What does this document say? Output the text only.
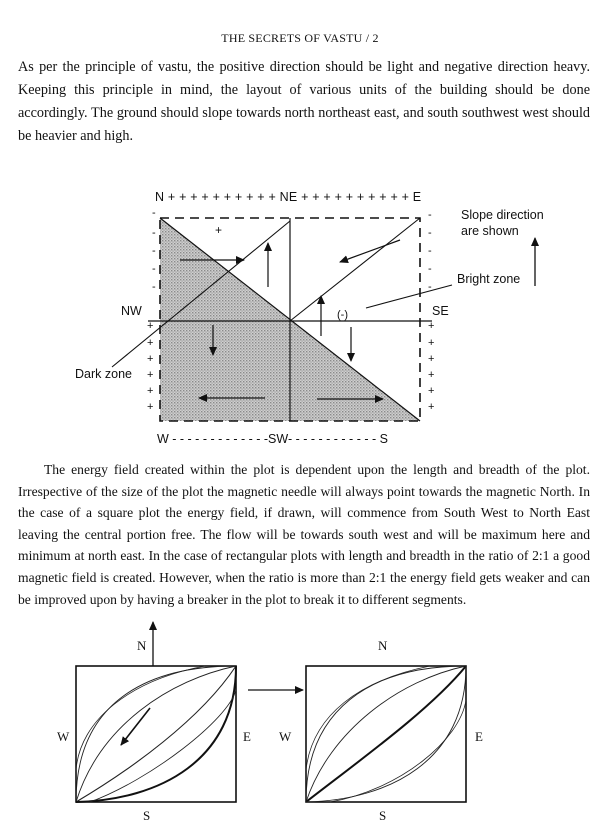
THE SECRETS OF VASTU / 2

As per the principle of vastu, the positive direction should be light and negative direction heavy. Keeping this principle in mind, the layout of various units of the building should be done accordingly. The ground should slope towards north northeast east, and south southwest west should be heavier and high.

N + + + + + + + + + + NE + + + + + + + + + + E
W - - - - - - - - - - - - -SW- - - - - - - - - - - - S
NW	SE
+
(-)
Dark zone
Bright zone
Slope direction
are shown
-
-
-
-
-
+
+
+
+
+
+
-
-
-
-
-
+
+
+
+
+
+
N
S
W	E
N
S
W	E

The energy field created within the plot is dependent upon the length and breadth of the plot. Irrespective of the size of the plot the magnetic needle will always point towards the magnetic North. In the case of a square plot the energy field, if drawn, will commence from South West to North East leaving the central portion free. The flow will be towards south west and will be maximum here and minimum at north east. In the case of rectangular plots with length and breadth in the ratio of 2:1 a good magnetic field is created. However, when the ratio is more than 2:1 the energy field gets weaker and can be improved upon by having a breaker in the plot to break it to different segments.
